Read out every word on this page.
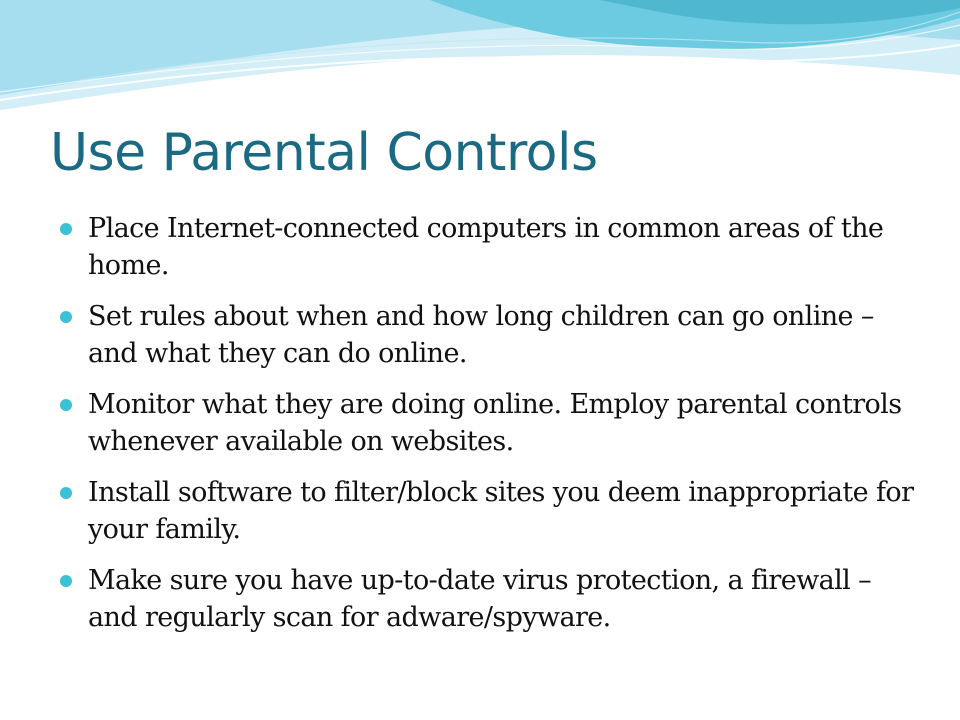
Use Parental Controls
Place Internet-connected computers in common areas of the home.
Set rules about when and how long children can go online – and what they can do online.
Monitor what they are doing online. Employ parental controls whenever available on websites.
Install software to filter/block sites you deem inappropriate for your family.
Make sure you have up-to-date virus protection, a firewall – and regularly scan for adware/spyware.
